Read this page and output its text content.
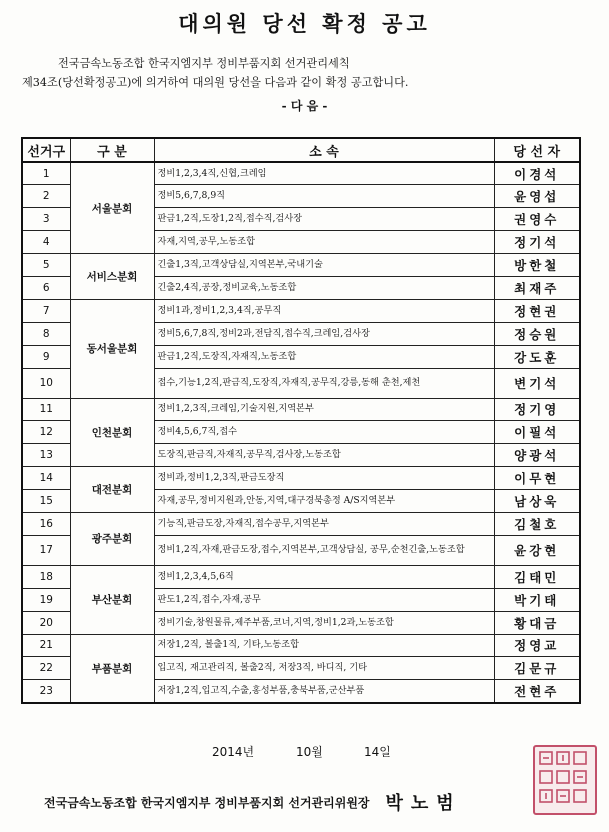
대의원 당선 확정 공고
전국금속노동조합 한국지엠지부 정비부품지회 선거관리세칙
제34조(당선확정공고)에 의거하여 대의원 당선을 다음과 같이 확정 공고합니다.
- 다 음 -
선거구	구 분	소 속	당 선 자
1	서울분회	정비1,2,3,4직,신협,크레임	이경석
2		정비5,6,7,8,9직	윤영섭
3		판금1,2직,도장1,2직,접수직,검사장	권영수
4		자재,지역,공무,노동조합	정기석
5	서비스분회	긴출1,3직,고객상담실,지역본부,국내기술	방한철
6		긴출2,4직,공장,정비교육,노동조합	최재주
7	동서울분회	정비1과,정비1,2,3,4직,공무직	정현권
8		정비5,6,7,8직,정비2과,전담직,접수직,크레임,검사장	정승원
9		판금1,2직,도장직,자재직,노동조합	강도훈
10		접수,기능1,2직,판금직,도장직,자재직,공무직,강릉,동해 춘천,제천	변기석
11	인천분회	정비1,2,3직,크레임,기술지원,지역본부	정기영
12		정비4,5,6,7직,접수	이필석
13		도장직,판금직,자재직,공무직,검사장,노동조합	양광석
14	대전분회	정비과,정비1,2,3직,판금도장직	이무현
15		자재,공무,정비지원과,안동,지역,대구경북총정 A/S지역본부	남상욱
16	광주분회	기능직,판금도장,자재직,접수공무,지역본부	김철호
17		정비1,2직,자재,판금도장,접수,지역본부,고객상담실, 공무,순천긴출,노동조합	윤강현
18	부산분회	정비1,2,3,4,5,6직	김태민
19		판도1,2직,접수,자재,공무	박기태
20		정비기술,창원물류,제주부품,코너,지역,정비1,2과,노동조합	황대금
21	부품분회	저장1,2직, 볼출1직, 기타,노동조합	정영교
22		입고직, 재고관리직, 볼출2직, 저장3직, 바디직, 기타	김문규
23		저장1,2직,입고직,수출,홍성부품,충북부품,군산부품	전현주
2014년	10월	14일
전국금속노동조합 한국지엠지부 정비부품지회 선거관리위원장 박노범
